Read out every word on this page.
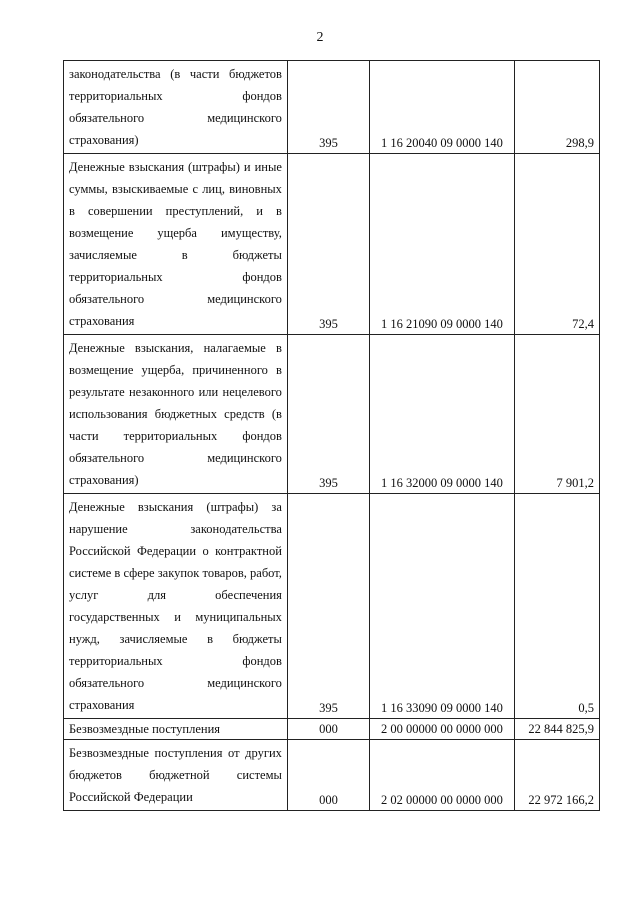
2
законодательства (в части бюджетов территориальных фондов обязательного медицинского страхования)	395	1 16 20040 09 0000 140	298,9

Денежные взыскания (штрафы) и иные суммы, взыскиваемые с лиц, виновных в совершении преступлений, и в возмещение ущерба имуществу, зачисляемые в бюджеты территориальных фондов обязательного медицинского страхования	395	1 16 21090 09 0000 140	72,4

Денежные взыскания, налагаемые в возмещение ущерба, причиненного в результате незаконного или нецелевого использования бюджетных средств (в части территориальных фондов обязательного медицинского страхования)	395	1 16 32000 09 0000 140	7 901,2

Денежные взыскания (штрафы) за нарушение законодательства Российской Федерации о контрактной системе в сфере закупок товаров, работ, услуг для обеспечения государственных и муниципальных нужд, зачисляемые в бюджеты территориальных фондов обязательного медицинского страхования	395	1 16 33090 09 0000 140	0,5

Безвозмездные поступления	000	2 00 00000 00 0000 000	22 844 825,9

Безвозмездные поступления от других бюджетов бюджетной системы Российской Федерации	000	2 02 00000 00 0000 000	22 972 166,2
